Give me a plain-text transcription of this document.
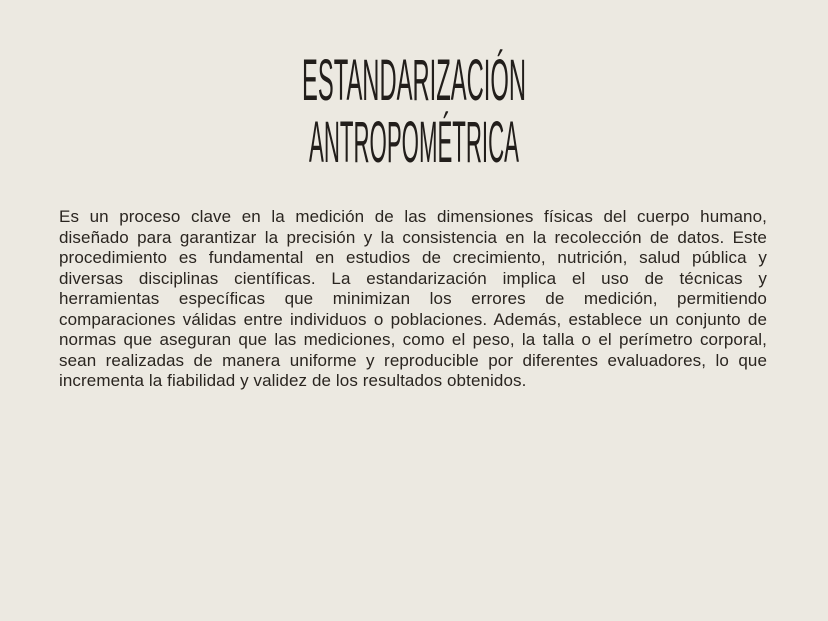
ESTANDARIZACIÓN
ANTROPOMÉTRICA
Es un proceso clave en la medición de las dimensiones físicas del cuerpo humano,
diseñado para garantizar la precisión y la consistencia en la recolección de datos. Este
procedimiento es fundamental en estudios de crecimiento, nutrición, salud pública y
diversas disciplinas científicas. La estandarización implica el uso de técnicas y
herramientas específicas que minimizan los errores de medición, permitiendo
comparaciones válidas entre individuos o poblaciones. Además, establece un conjunto de
normas que aseguran que las mediciones, como el peso, la talla o el perímetro corporal,
sean realizadas de manera uniforme y reproducible por diferentes evaluadores, lo que
incrementa la fiabilidad y validez de los resultados obtenidos.
